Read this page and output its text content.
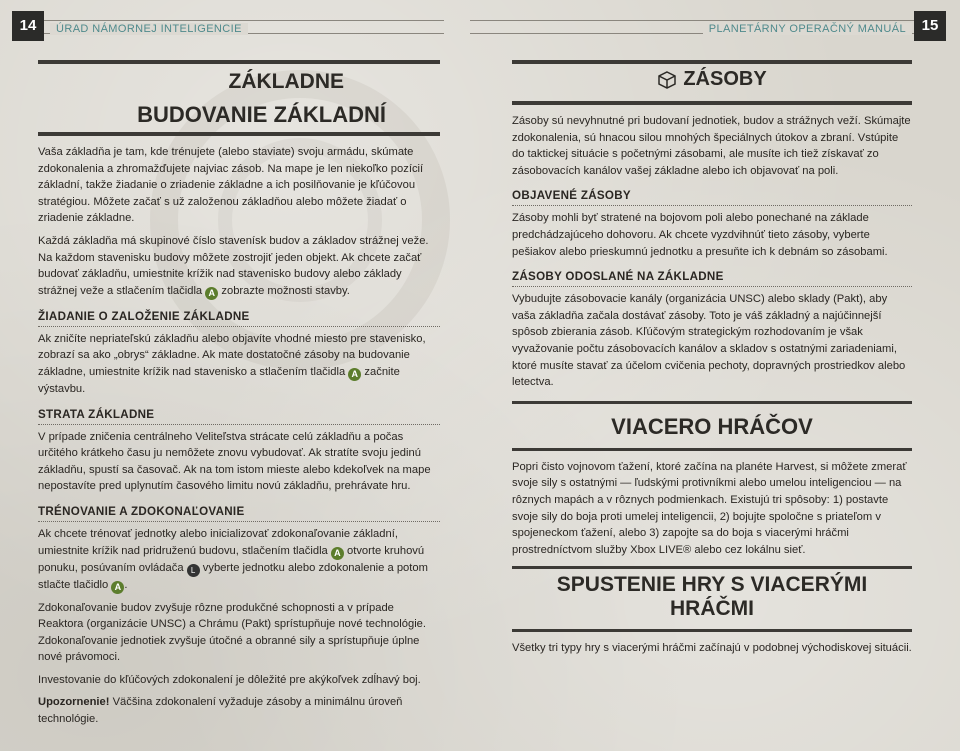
14	ÚRAD NÁMORNEJ INTELIGENCIE	PLANETÁRNY OPERAČNÝ MANUÁL	15
ZÁKLADNE
BUDOVANIE ZÁKLADNÍ

Vaša základňa je tam, kde trénujete (alebo staviate) svoju armádu, skúmate zdokonalenia a zhromažďujete najviac zásob. Na mape je len niekoľko pozícií základní, takže žiadanie o zriadenie základne a ich posilňovanie je kľúčovou stratégiou. Môžete začať s už založenou základňou alebo môžete žiadať o zriadenie základne.

Každá základňa má skupinové číslo stavenísk budov a základov strážnej veže. Na každom stavenisku budovy môžete zostrojiť jeden objekt. Ak chcete začať budovať základňu, umiestnite krížik nad stavenisko budovy alebo základy strážnej veže a stlačením tlačidla A zobrazte možnosti stavby.

ŽIADANIE O ZALOŽENIE ZÁKLADNE

Ak zničíte nepriateľskú základňu alebo objavíte vhodné miesto pre stavenisko, zobrazí sa ako „obrys“ základne. Ak mate dostatočné zásoby na budovanie základne, umiestnite krížik nad stavenisko a stlačením tlačidla A začnite výstavbu.

STRATA ZÁKLADNE

V prípade zničenia centrálneho Veliteľstva strácate celú základňu a počas určitého krátkeho času ju nemôžete znovu vybudovať. Ak stratíte svoju jedinú základňu, spustí sa časovač. Ak na tom istom mieste alebo kdekoľvek na mape nepostavíte pred uplynutím časového limitu novú základňu, prehrávate hru.

TRÉNOVANIE A ZDOKONAĽOVANIE

Ak chcete trénovať jednotky alebo inicializovať zdokonaľovanie základní, umiestnite krížik nad pridruženú budovu, stlačením tlačidla A otvorte kruhovú ponuku, posúvaním ovládača L vyberte jednotku alebo zdokonalenie a potom stlačte tlačidlo A .

Zdokonaľovanie budov zvyšuje rôzne produkčné schopnosti a v prípade Reaktora (organizácie UNSC) a Chrámu (Pakt) sprístupňuje nové technológie. Zdokonaľovanie jednotiek zvyšuje útočné a obranné sily a sprístupňuje úplne nové právomoci.

Investovanie do kľúčových zdokonalení je dôležité pre akýkoľvek zdĺhavý boj.

Upozornenie! Väčšina zdokonalení vyžaduje zásoby a minimálnu úroveň technológie.

ZÁSOBY

Zásoby sú nevyhnutné pri budovaní jednotiek, budov a strážnych veží. Skúmajte zdokonalenia, sú hnacou silou mnohých špeciálnych útokov a zbraní. Vstúpite do taktickej situácie s početnými zásobami, ale musíte ich tiež získavať zo zásobovacích kanálov vašej základne alebo ich objavovať na poli.

OBJAVENÉ ZÁSOBY

Zásoby mohli byť stratené na bojovom poli alebo ponechané na základe predchádzajúceho dohovoru. Ak chcete vyzdvihnúť tieto zásoby, vyberte pešiakov alebo prieskumnú jednotku a presuňte ich k debnám so zásobami.

ZÁSOBY ODOSLANÉ NA ZÁKLADNE

Vybudujte zásobovacie kanály (organizácia UNSC) alebo sklady (Pakt), aby vaša základňa začala dostávať zásoby. Toto je váš základný a najúčinnejší spôsob zbierania zásob. Kľúčovým strategickým rozhodovaním je však vyvažovanie počtu zásobovacích kanálov a skladov s ostatnými zariadeniami, ktoré musíte stavať za účelom cvičenia pechoty, dopravných prostriedkov alebo letectva.

VIACERO HRÁČOV

Popri čisto vojnovom ťažení, ktoré začína na planéte Harvest, si môžete zmerať svoje sily s ostatnými — ľudskými protivníkmi alebo umelou inteligenciou — na rôznych mapách a v rôznych podmienkach. Existujú tri spôsoby: 1) postavte svoje sily do boja proti umelej inteligencii, 2) bojujte spoločne s priateľom v spojeneckom ťažení, alebo 3) zapojte sa do boja s viacerými hráčmi prostredníctvom služby Xbox LIVE® alebo cez lokálnu sieť.

SPUSTENIE HRY S VIACERÝMI HRÁČMI

Všetky tri typy hry s viacerými hráčmi začínajú v podobnej východiskovej situácii.
